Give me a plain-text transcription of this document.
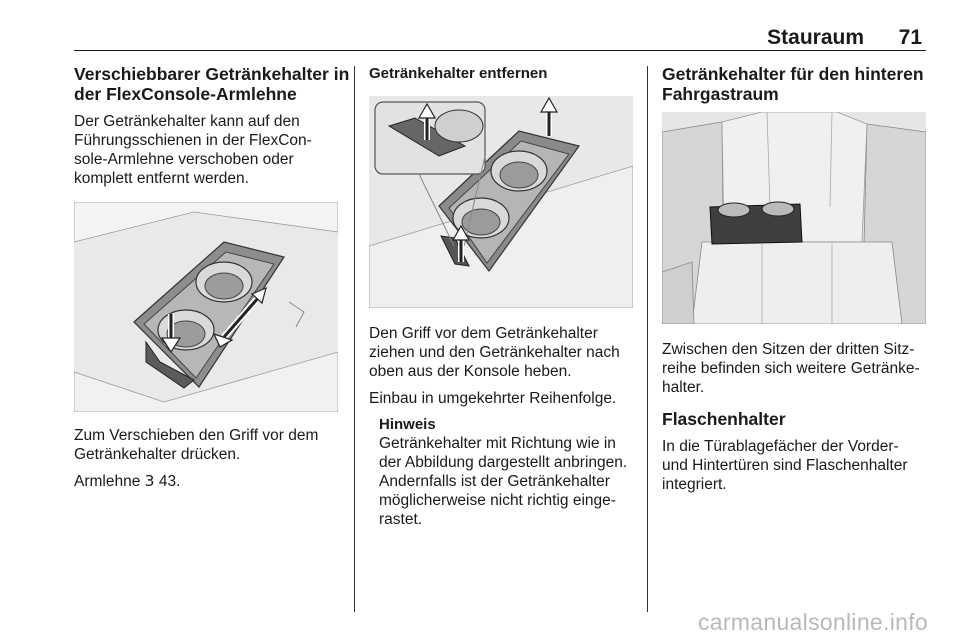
Stauraum 71
Verschiebbarer Getränkehalter in
der FlexConsole-Armlehne

Der Getränkehalter kann auf den
Führungsschienen in der FlexCon-
sole-Armlehne verschoben oder
komplett entfernt werden.

Zum Verschieben den Griff vor dem
Getränkehalter drücken.

Armlehne 3 43.

Getränkehalter entfernen

Den Griff vor dem Getränkehalter
ziehen und den Getränkehalter nach
oben aus der Konsole heben.

Einbau in umgekehrter Reihenfolge.

Hinweis

Getränkehalter mit Richtung wie in
der Abbildung dargestellt anbringen.
Andernfalls ist der Getränkehalter
möglicherweise nicht richtig einge-
rastet.

Getränkehalter für den hinteren
Fahrgastraum

Zwischen den Sitzen der dritten Sitz-
reihe befinden sich weitere Getränke-
halter.

Flaschenhalter

In die Türablagefächer der Vorder-
und Hintertüren sind Flaschenhalter
integriert.

carmanualsonline.info
